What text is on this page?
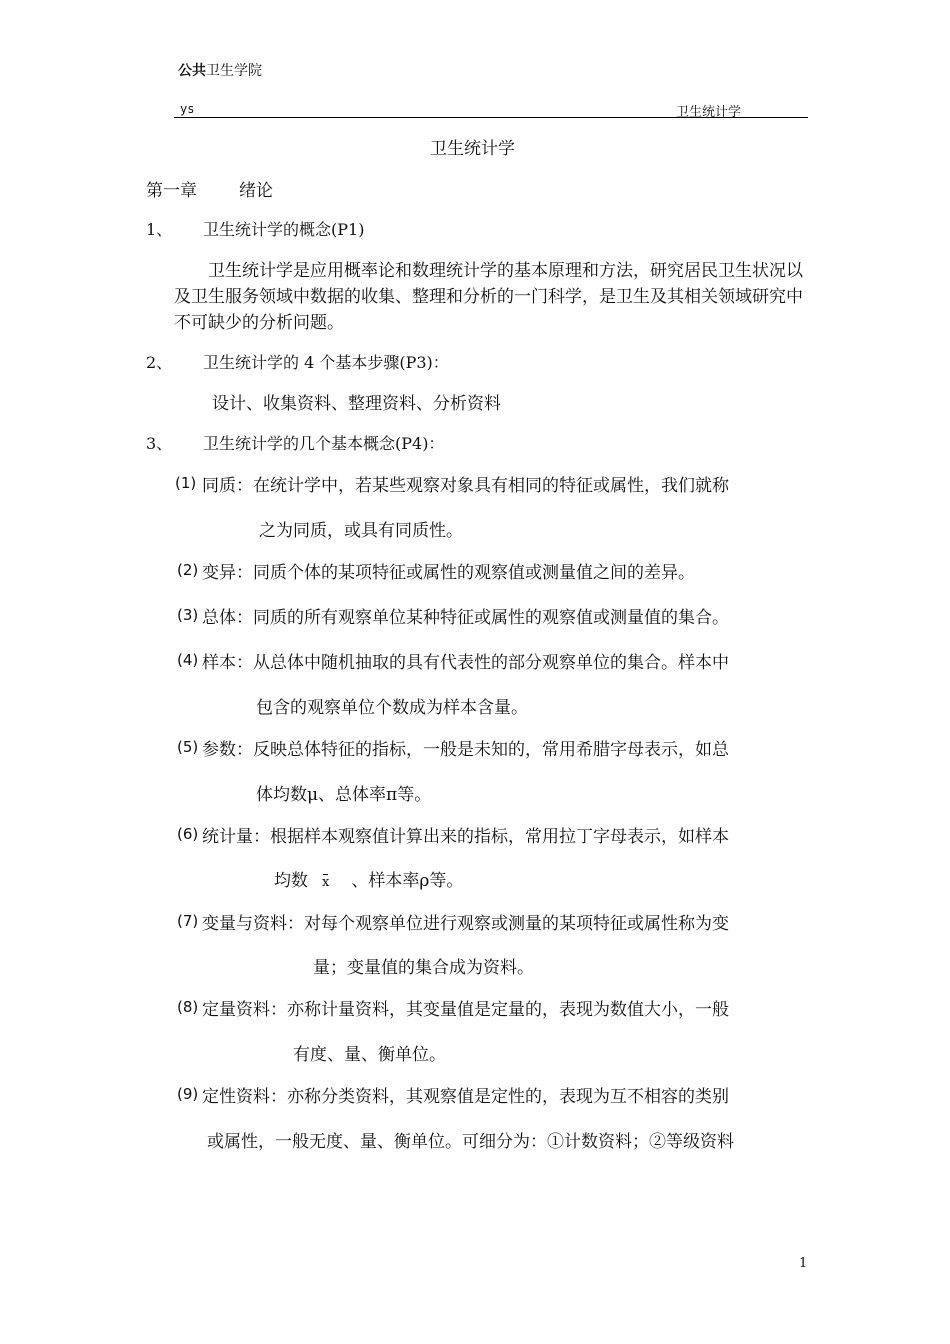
公共卫生学院
ys	卫生统计学
卫生统计学
第一章 绪论
1、 卫生统计学的概念(P1)
卫生统计学是应用概率论和数理统计学的基本原理和方法，研究居民卫生状况以及卫生服务领域中数据的收集、整理和分析的一门科学，是卫生及其相关领域研究中不可缺少的分析问题。
2、 卫生统计学的 4 个基本步骤(P3)：
设计、收集资料、整理资料、分析资料
3、 卫生统计学的几个基本概念(P4)：
(1) 同质：在统计学中，若某些观察对象具有相同的特征或属性，我们就称
之为同质，或具有同质性。
(2) 变异：同质个体的某项特征或属性的观察值或测量值之间的差异。
(3) 总体：同质的所有观察单位某种特征或属性的观察值或测量值的集合。
(4) 样本：从总体中随机抽取的具有代表性的部分观察单位的集合。样本中
包含的观察单位个数成为样本含量。
(5) 参数：反映总体特征的指标，一般是未知的，常用希腊字母表示，如总
体均数μ、总体率π等。
(6) 统计量：根据样本观察值计算出来的指标，常用拉丁字母表示，如样本
均数 x 、样本率ρ等。
(7) 变量与资料：对每个观察单位进行观察或测量的某项特征或属性称为变
量；变量值的集合成为资料。
(8) 定量资料：亦称计量资料，其变量值是定量的，表现为数值大小，一般
有度、量、衡单位。
(9) 定性资料：亦称分类资料，其观察值是定性的，表现为互不相容的类别
或属性，一般无度、量、衡单位。可细分为：①计数资料；②等级资料
1
